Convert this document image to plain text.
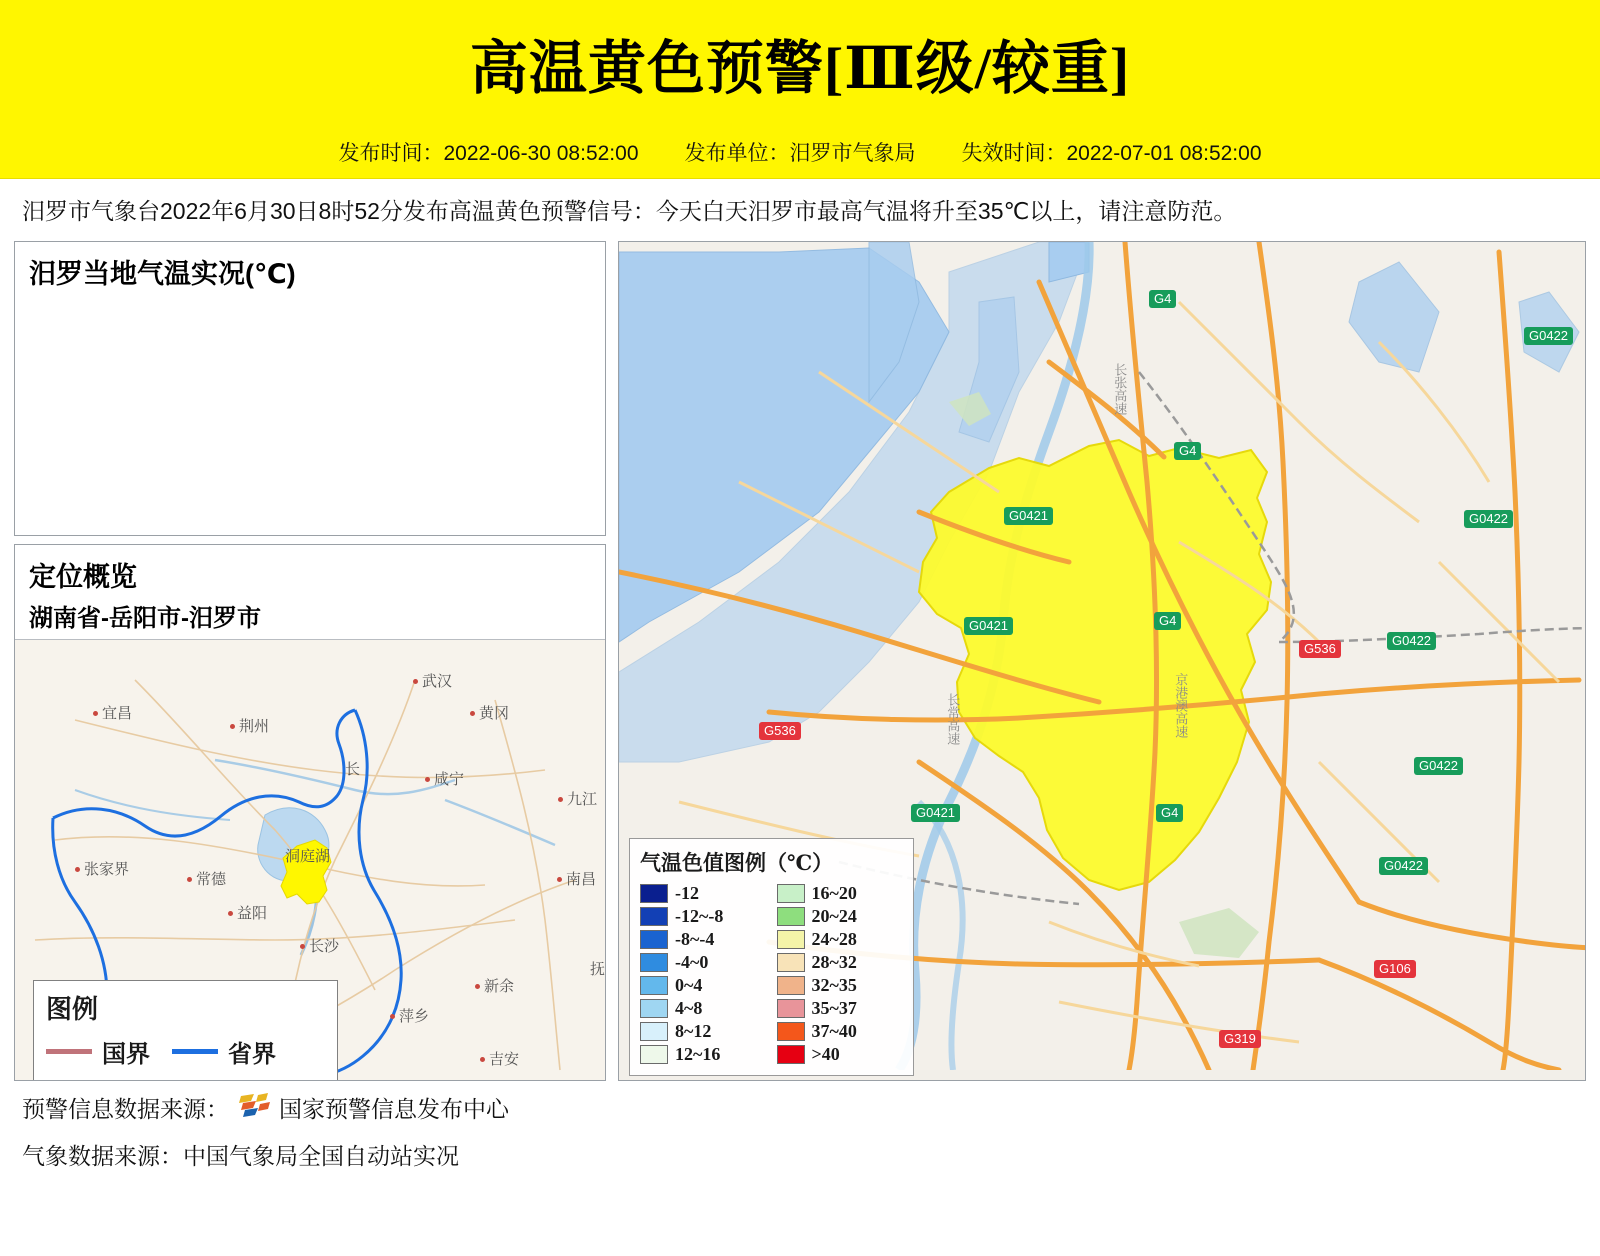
高温黄色预警[Ⅲ级/较重]
发布时间：2022-06-30 08:52:00 发布单位：汨罗市气象局 失效时间：2022-07-01 08:52:00
汨罗市气象台2022年6月30日8时52分发布高温黄色预警信号：今天白天汨罗市最高气温将升至35℃以上，请注意防范。
汨罗当地气温实况(℃)
定位概览
湖南省-岳阳市-汨罗市
武汉
宜昌
荆州
黄冈
咸宁
九江
张家界
常德
洞庭湖
南昌
益阳
长沙
新余
萍乡
吉安
抚
长
图例
国界	省界
G4
G0422
G4
G0421	G0422
G0421	G4
G536
G0422
G536
G0422
G0421	G4
G0422
G106
G319
京港澳高速
长张高速
长常高速
气温色值图例（℃）
-12	16~20
-12~-8	20~24
-8~-4	24~28
-4~0	28~32
0~4	32~35
4~8	35~37
8~12	37~40
12~16	>40
预警信息数据来源： 国家预警信息发布中心
气象数据来源：中国气象局全国自动站实况
